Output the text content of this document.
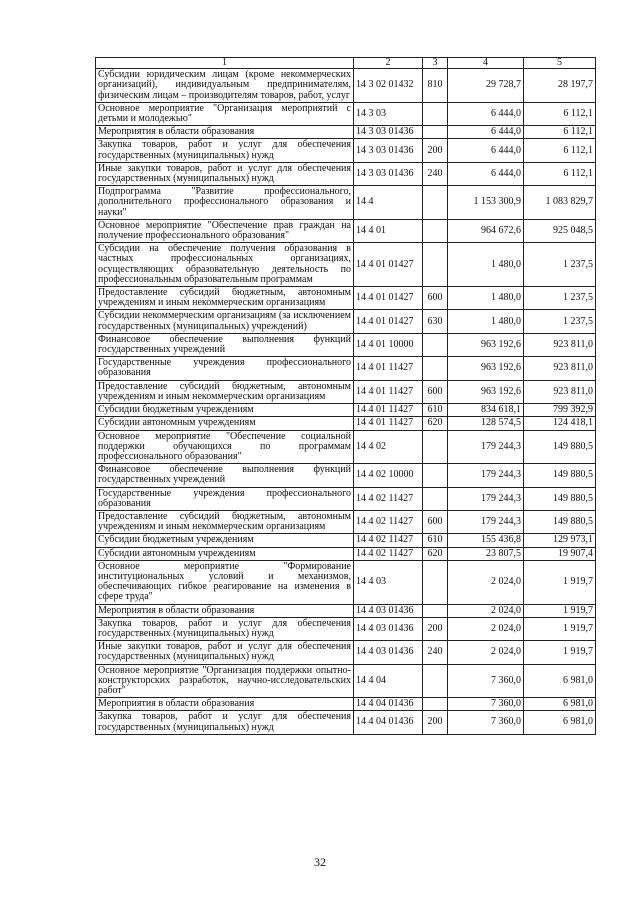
1	2	3	4	5
Субсидии юридическим лицам (кроме некоммерческих организаций), индивидуальным предпринимателям, физическим лицам – производителям товаров, работ, услуг	14 3 02 01432	810	29 728,7	28 197,7
Основное мероприятие "Организация мероприятий с детьми и молодежью"	14 3 03		6 444,0	6 112,1
Мероприятия в области образования	14 3 03 01436		6 444,0	6 112,1
Закупка товаров, работ и услуг для обеспечения государственных (муниципальных) нужд	14 3 03 01436	200	6 444,0	6 112,1
Иные закупки товаров, работ и услуг для обеспечения государственных (муниципальных) нужд	14 3 03 01436	240	6 444,0	6 112,1
Подпрограмма "Развитие профессионального, дополнительного профессионального образования и науки"	14 4		1 153 300,9	1 083 829,7
Основное мероприятие "Обеспечение прав граждан на получение профессионального образования"	14 4 01		964 672,6	925 048,5
Субсидии на обеспечение получения образования в частных профессиональных организациях, осуществляющих образовательную деятельность по профессиональным образовательным программам	14 4 01 01427		1 480,0	1 237,5
Предоставление субсидий бюджетным, автономным учреждениям и иным некоммерческим организациям	14 4 01 01427	600	1 480,0	1 237,5
Субсидии некоммерческим организациям (за исключением государственных (муниципальных) учреждений)	14 4 01 01427	630	1 480,0	1 237,5
Финансовое обеспечение выполнения функций государственных учреждений	14 4 01 10000		963 192,6	923 811,0
Государственные учреждения профессионального образования	14 4 01 11427		963 192,6	923 811,0
Предоставление субсидий бюджетным, автономным учреждениям и иным некоммерческим организациям	14 4 01 11427	600	963 192,6	923 811,0
Субсидии бюджетным учреждениям	14 4 01 11427	610	834 618,1	799 392,9
Субсидии автономным учреждениям	14 4 01 11427	620	128 574,5	124 418,1
Основное мероприятие "Обеспечение социальной поддержки обучающихся по программам профессионального образования"	14 4 02		179 244,3	149 880,5
Финансовое обеспечение выполнения функций государственных учреждений	14 4 02 10000		179 244,3	149 880,5
Государственные учреждения профессионального образования	14 4 02 11427		179 244,3	149 880,5
Предоставление субсидий бюджетным, автономным учреждениям и иным некоммерческим организациям	14 4 02 11427	600	179 244,3	149 880,5
Субсидии бюджетным учреждениям	14 4 02 11427	610	155 436,8	129 973,1
Субсидии автономным учреждениям	14 4 02 11427	620	23 807,5	19 907,4
Основное мероприятие "Формирование институциональных условий и механизмов, обеспечивающих гибкое реагирование на изменения в сфере труда"	14 4 03		2 024,0	1 919,7
Мероприятия в области образования	14 4 03 01436		2 024,0	1 919,7
Закупка товаров, работ и услуг для обеспечения государственных (муниципальных) нужд	14 4 03 01436	200	2 024,0	1 919,7
Иные закупки товаров, работ и услуг для обеспечения государственных (муниципальных) нужд	14 4 03 01436	240	2 024,0	1 919,7
Основное мероприятие "Организация поддержки опытно-конструкторских разработок, научно-исследовательских работ"	14 4 04		7 360,0	6 981,0
Мероприятия в области образования	14 4 04 01436		7 360,0	6 981,0
Закупка товаров, работ и услуг для обеспечения государственных (муниципальных) нужд	14 4 04 01436	200	7 360,0	6 981,0
32
